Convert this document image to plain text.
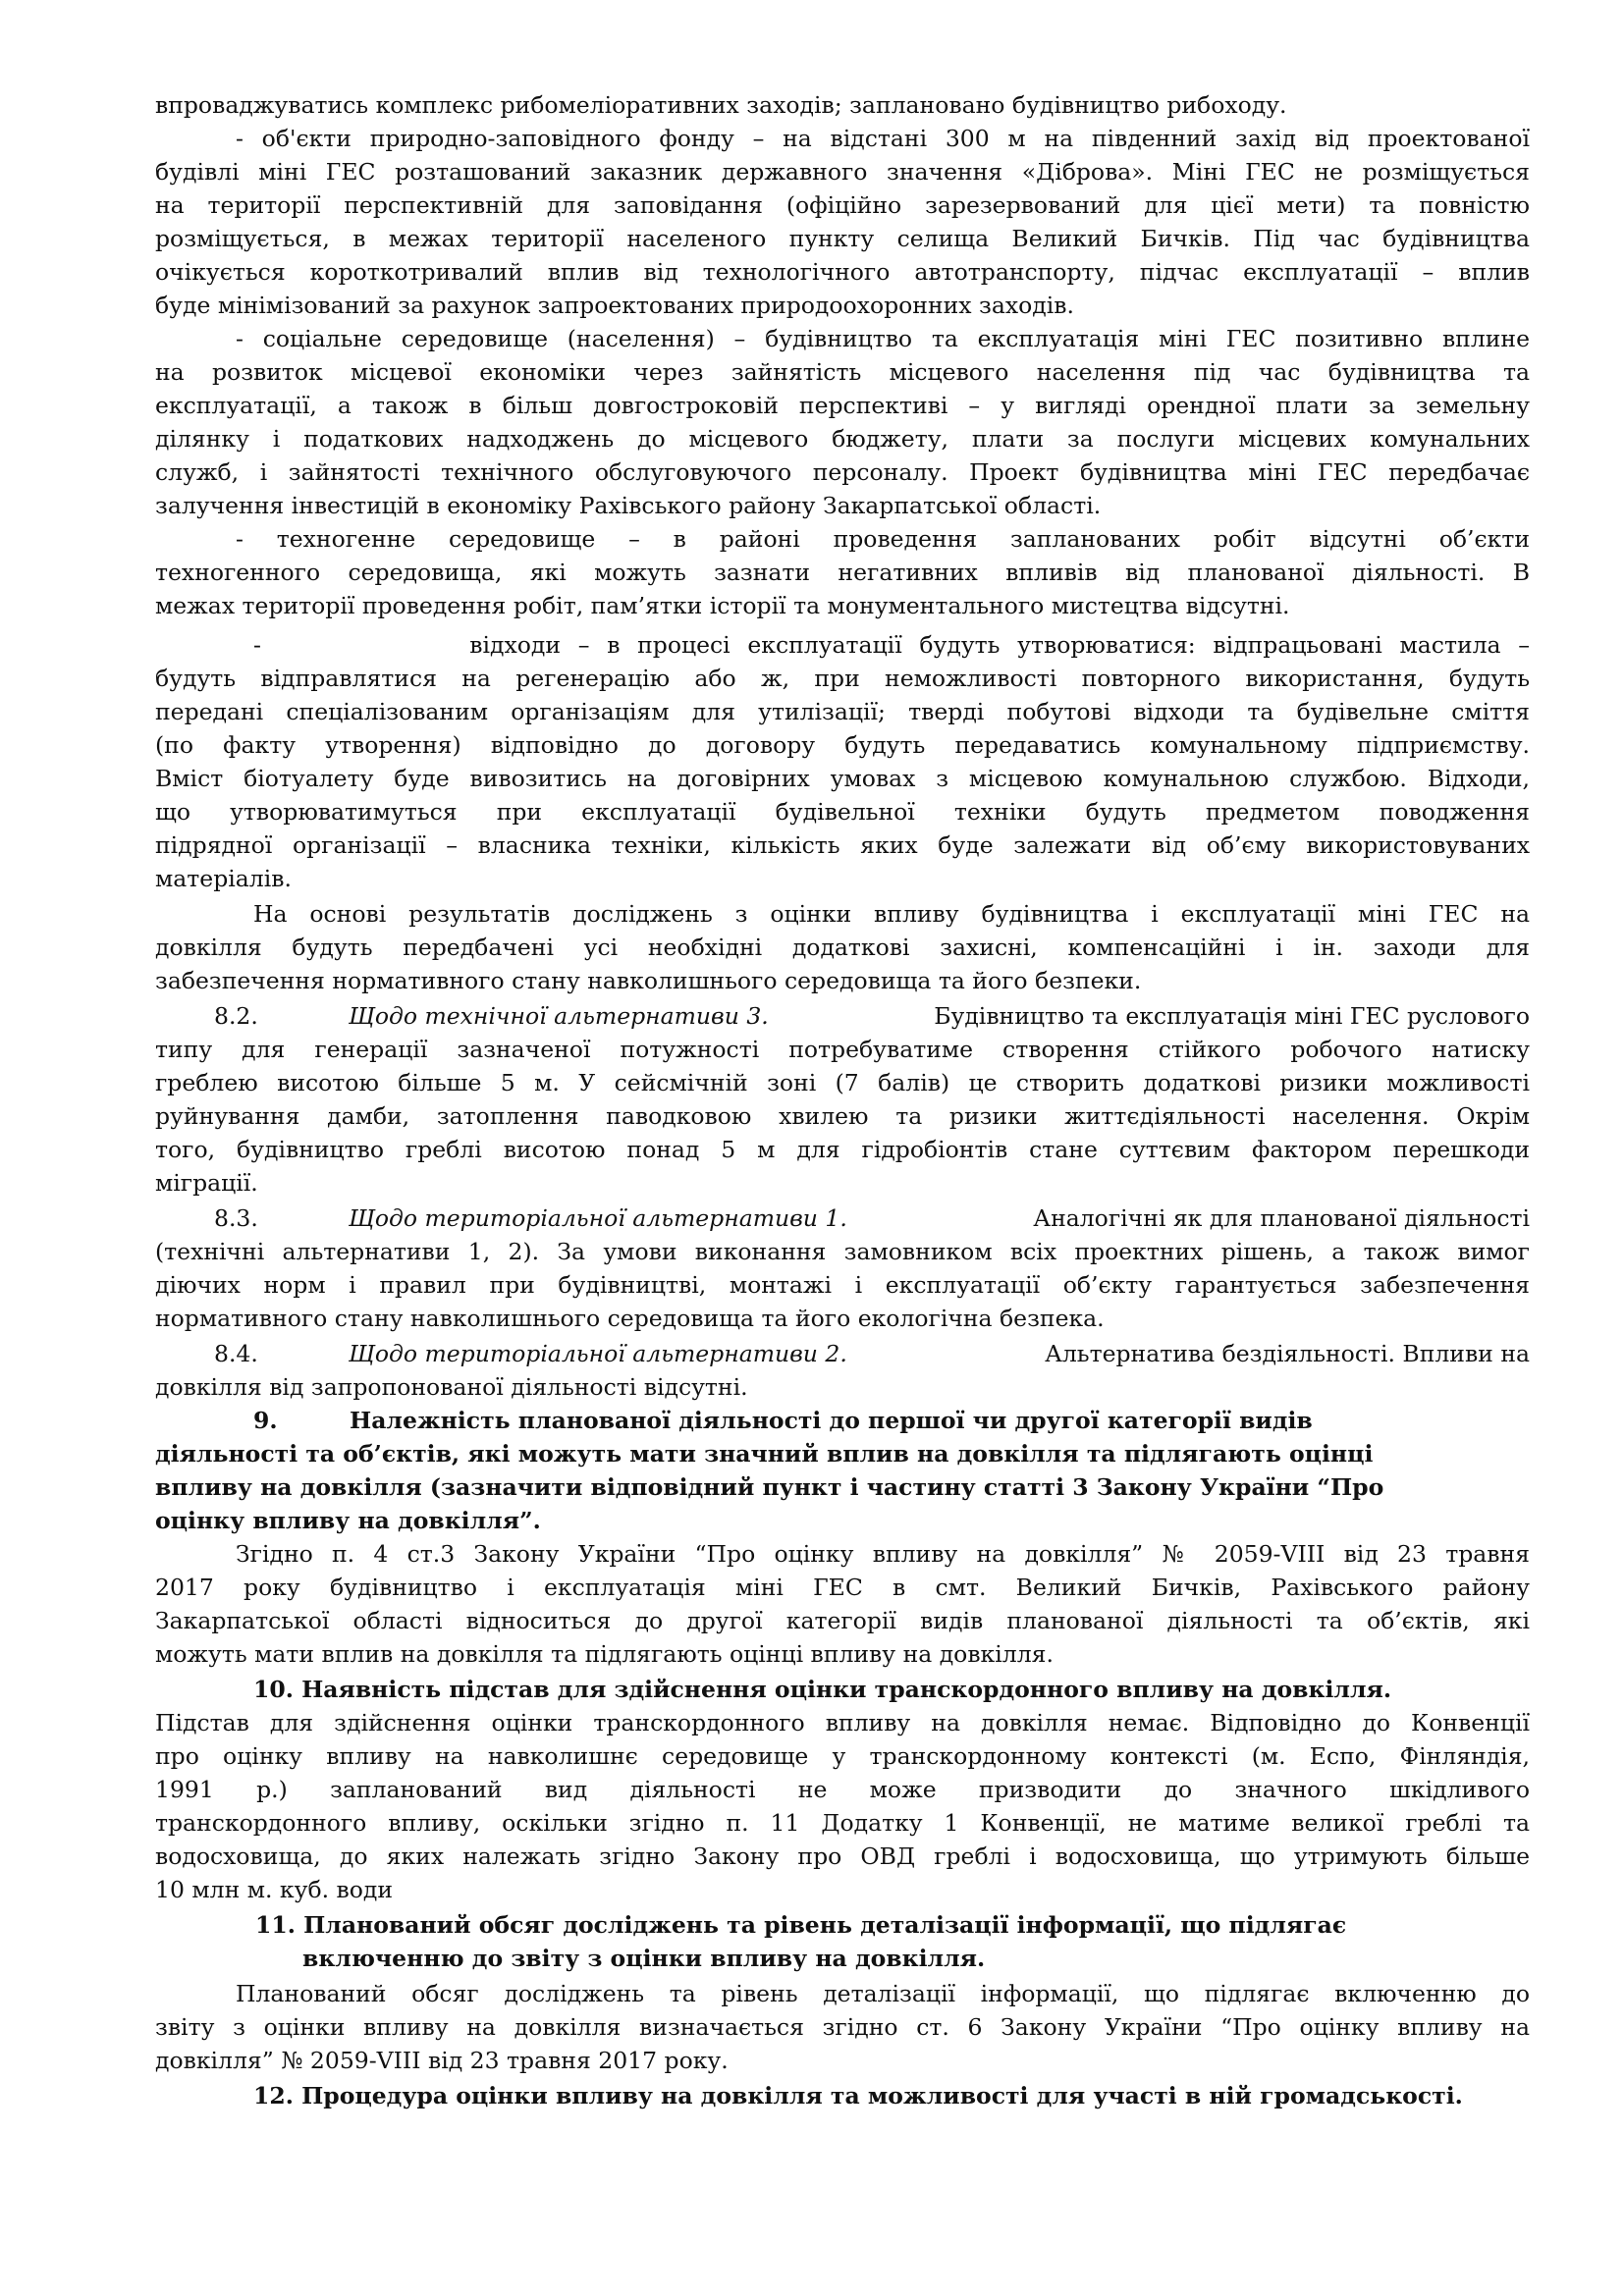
впроваджуватись комплекс рибомеліоративних заходів; заплановано будівництво рибоходу.
- об'єкти природно-заповідного фонду – на відстані 300 м на південний захід від проектованої
будівлі міні ГЕС розташований заказник державного значення «Діброва». Міні ГЕС не розміщується
на території перспективній для заповідання (офіційно зарезервований для цієї мети) та повністю
розміщується, в межах території населеного пункту селища Великий Бичків. Під час будівництва
очікується короткотривалий вплив від технологічного автотранспорту, підчас експлуатації – вплив
буде мінімізований за рахунок запроектованих природоохоронних заходів.
- соціальне середовище (населення) – будівництво та експлуатація міні ГЕС позитивно вплине
на розвиток місцевої економіки через зайнятість місцевого населення під час будівництва та
експлуатації, а також в більш довгостроковій перспективі – у вигляді орендної плати за земельну
ділянку і податкових надходжень до місцевого бюджету, плати за послуги місцевих комунальних
служб, і зайнятості технічного обслуговуючого персоналу. Проект будівництва міні ГЕС передбачає
залучення інвестицій в економіку Рахівського району Закарпатської області.
- техногенне середовище – в районі проведення запланованих робіт відсутні об’єкти
техногенного середовища, які можуть зазнати негативних впливів від планованої діяльності. В
межах території проведення робіт, пам’ятки історії та монументального мистецтва відсутні.
-            відходи – в процесі експлуатації будуть утворюватися: відпрацьовані мастила –
будуть відправлятися на регенерацію або ж, при неможливості повторного використання, будуть
передані спеціалізованим організаціям для утилізації; тверді побутові відходи та будівельне сміття
(по факту утворення) відповідно до договору будуть передаватись комунальному підприємству.
Вміст біотуалету буде вивозитись на договірних умовах з місцевою комунальною службою. Відходи,
що утворюватимуться при експлуатації будівельної техніки будуть предметом поводження
підрядної організації – власника техніки, кількість яких буде залежати від об’єму використовуваних
матеріалів.
На основі результатів досліджень з оцінки впливу будівництва і експлуатації міні ГЕС на
довкілля будуть передбачені усі необхідні додаткові захисні, компенсаційні і ін. заходи для
забезпечення нормативного стану навколишнього середовища та його безпеки.
8.2.	Щодо технічної альтернативи 3.	Будівництво та експлуатація міні ГЕС руслового
типу для генерації зазначеної потужності потребуватиме створення стійкого робочого натиску
греблею висотою більше 5 м. У сейсмічній зоні (7 балів) це створить додаткові ризики можливості
руйнування дамби, затоплення паводковою хвилею та ризики життєдіяльності населення. Окрім
того, будівництво греблі висотою понад 5 м для гідробіонтів стане суттєвим фактором перешкоди
міграції.
8.3.	Щодо територіальної альтернативи 1.	Аналогічні як для планованої діяльності
(технічні альтернативи 1, 2). За умови виконання замовником всіх проектних рішень, а також вимог
діючих норм і правил при будівництві, монтажі і експлуатації об’єкту гарантується забезпечення
нормативного стану навколишнього середовища та його екологічна безпека.
8.4.	Щодо територіальної альтернативи 2.	Альтернатива бездіяльності. Впливи на
довкілля від запропонованої діяльності відсутні.
9.	Належність планованої діяльності до першої чи другої категорії видів
діяльності та об’єктів, які можуть мати значний вплив на довкілля та підлягають оцінці
впливу на довкілля (зазначити відповідний пункт і частину статті 3 Закону України “Про
оцінку впливу на довкілля”.
Згідно п. 4 ст.3 Закону України “Про оцінку впливу на довкілля” № 2059-VIII від 23 травня
2017 року будівництво і експлуатація міні ГЕС в смт. Великий Бичків, Рахівського району
Закарпатської області відноситься до другої категорії видів планованої діяльності та об’єктів, які
можуть мати вплив на довкілля та підлягають оцінці впливу на довкілля.
10. Наявність підстав для здійснення оцінки транскордонного впливу на довкілля.
Підстав для здійснення оцінки транскордонного впливу на довкілля немає. Відповідно до Конвенції
про оцінку впливу на навколишнє середовище у транскордонному контексті (м. Еспо, Фінляндія,
1991 р.) запланований вид діяльності не може призводити до значного шкідливого
транскордонного впливу, оскільки згідно п. 11 Додатку 1 Конвенції, не матиме великої греблі та
водосховища, до яких належать згідно Закону про ОВД греблі і водосховища, що утримують більше
10 млн м. куб. води
11. Планований обсяг досліджень та рівень деталізації інформації, що підлягає
включенню до звіту з оцінки впливу на довкілля.
Планований обсяг досліджень та рівень деталізації інформації, що підлягає включенню до
звіту з оцінки впливу на довкілля визначається згідно ст. 6 Закону України “Про оцінку впливу на
довкілля” № 2059-VIII від 23 травня 2017 року.
12. Процедура оцінки впливу на довкілля та можливості для участі в ній громадськості.
